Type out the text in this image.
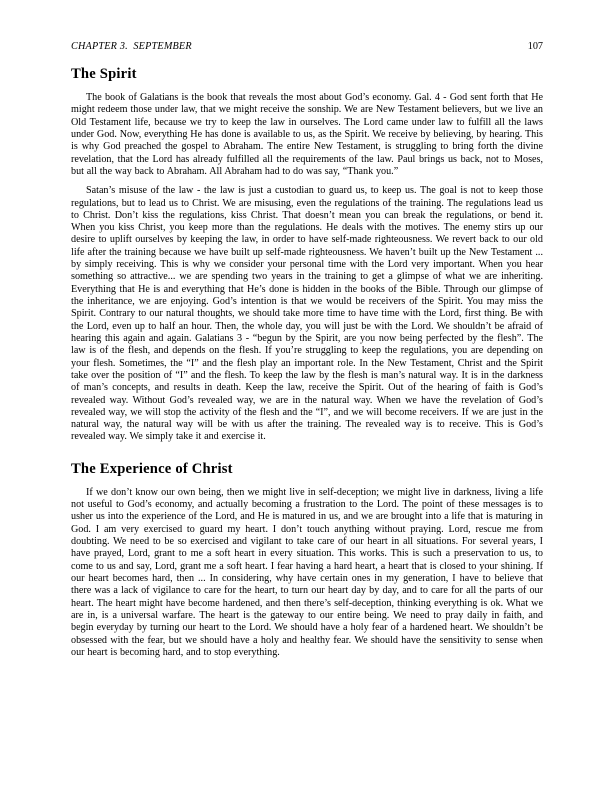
CHAPTER 3.  SEPTEMBER	107
The Spirit

The book of Galatians is the book that reveals the most about God’s economy. Gal. 4 - God sent forth that He might redeem those under law, that we might receive the sonship. We are New Testament believers, but we live an Old Testament life, because we try to keep the law in ourselves. The Lord came under law to fulfill all the laws under God. Now, everything He has done is available to us, as the Spirit. We receive by believing, by hearing. This is why God preached the gospel to Abraham. The entire New Testament, is struggling to bring forth the divine revelation, that the Lord has already fulfilled all the requirements of the law. Paul brings us back, not to Moses, but all the way back to Abraham. All Abraham had to do was say, “Thank you.”

Satan’s misuse of the law - the law is just a custodian to guard us, to keep us. The goal is not to keep those regulations, but to lead us to Christ. We are misusing, even the regulations of the training. The regulations lead us to Christ. Don’t kiss the regulations, kiss Christ. That doesn’t mean you can break the regulations, or bend it. When you kiss Christ, you keep more than the regulations. He deals with the motives. The enemy stirs up our desire to uplift ourselves by keeping the law, in order to have self-made righteousness. We revert back to our old life after the training because we have built up self-made righteousness. We haven’t built up the New Testament ... by simply receiving. This is why we consider your personal time with the Lord very important. When you hear something so attractive... we are spending two years in the training to get a glimpse of what we are inheriting. Everything that He is and everything that He’s done is hidden in the books of the Bible. Through our glimpse of the inheritance, we are enjoying. God’s intention is that we would be receivers of the Spirit. You may miss the Spirit. Contrary to our natural thoughts, we should take more time to have time with the Lord, first thing. Be with the Lord, even up to half an hour. Then, the whole day, you will just be with the Lord. We shouldn’t be afraid of hearing this again and again. Galatians 3 - “begun by the Spirit, are you now being perfected by the flesh”. The law is of the flesh, and depends on the flesh. If you’re struggling to keep the regulations, you are depending on your flesh. Sometimes, the “I” and the flesh play an important role. In the New Testament, Christ and the Spirit take over the position of “I” and the flesh. To keep the law by the flesh is man’s natural way. It is in the darkness of man’s concepts, and results in death. Keep the law, receive the Spirit. Out of the hearing of faith is God’s revealed way. Without God’s revealed way, we are in the natural way. When we have the revelation of God’s revealed way, we will stop the activity of the flesh and the “I”, and we will become receivers. If we are just in the natural way, the natural way will be with us after the training. The revealed way is to receive. This is God’s revealed way. We simply take it and exercise it.

The Experience of Christ

If we don’t know our own being, then we might live in self-deception; we might live in darkness, living a life not useful to God’s economy, and actually becoming a frustration to the Lord. The point of these messages is to usher us into the experience of the Lord, and He is matured in us, and we are brought into a life that is maturing in God. I am very exercised to guard my heart. I don’t touch anything without praying. Lord, rescue me from doubting. We need to be so exercised and vigilant to take care of our heart in all situations. For several years, I have prayed, Lord, grant to me a soft heart in every situation. This works. This is such a preservation to us, to come to us and say, Lord, grant me a soft heart. I fear having a hard heart, a heart that is closed to your shining. If our heart becomes hard, then ... In considering, why have certain ones in my generation, I have to believe that there was a lack of vigilance to care for the heart, to turn our heart day by day, and to care for all the parts of our heart. The heart might have become hardened, and then there’s self-deception, thinking everything is ok. What we are in, is a universal warfare. The heart is the gateway to our entire being. We need to pray daily in faith, and begin everyday by turning our heart to the Lord. We should have a holy fear of a hardened heart. We shouldn’t be obsessed with the fear, but we should have a holy and healthy fear. We should have the sensitivity to sense when our heart is becoming hard, and to stop everything.
